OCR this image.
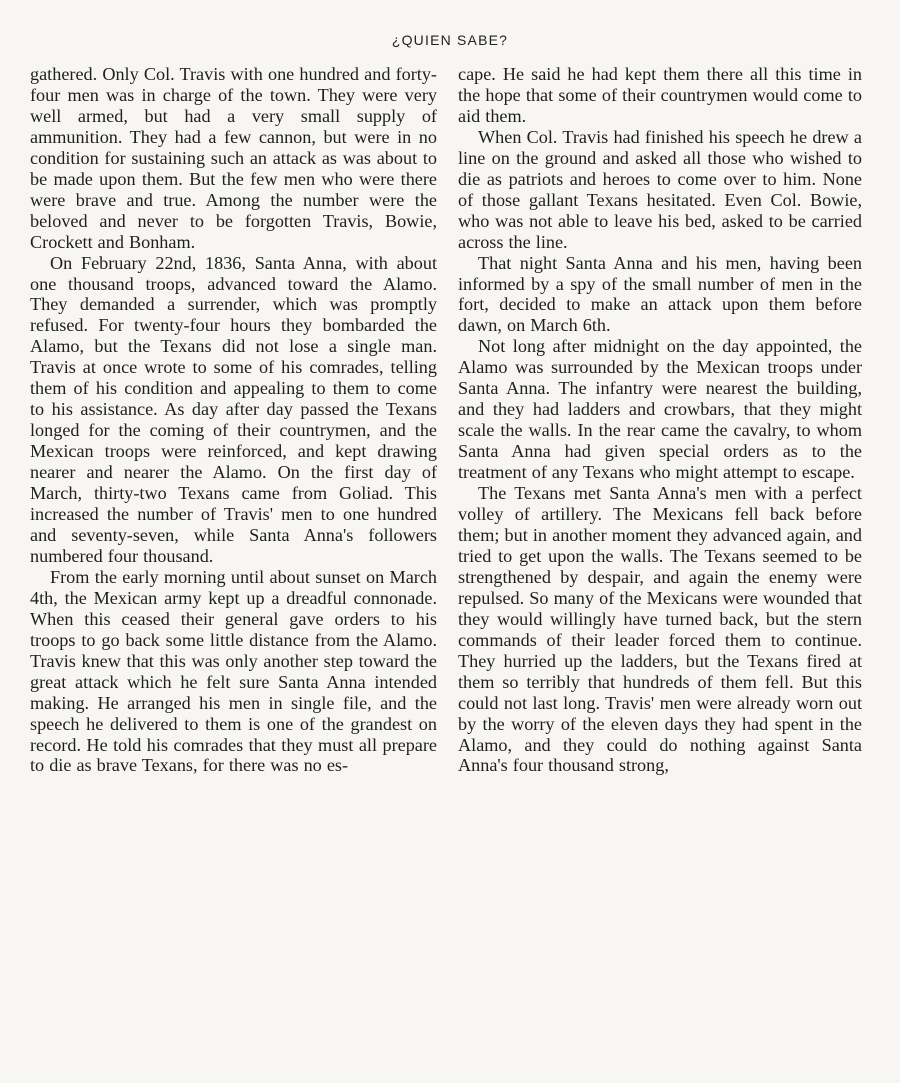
¿QUIEN SABE?

gathered. Only Col. Travis with one hundred and forty-four men was in charge of the town. They were very well armed, but had a very small supply of ammunition. They had a few cannon, but were in no condition for sustaining such an attack as was about to be made upon them. But the few men who were there were brave and true. Among the number were the beloved and never to be forgotten Travis, Bowie, Crockett and Bonham.

On February 22nd, 1836, Santa Anna, with about one thousand troops, advanced toward the Alamo. They demanded a surrender, which was promptly refused. For twenty-four hours they bombarded the Alamo, but the Texans did not lose a single man. Travis at once wrote to some of his comrades, telling them of his condition and appealing to them to come to his assistance. As day after day passed the Texans longed for the coming of their countrymen, and the Mexican troops were reinforced, and kept drawing nearer and nearer the Alamo. On the first day of March, thirty-two Texans came from Goliad. This increased the number of Travis' men to one hundred and seventy-seven, while Santa Anna's followers numbered four thousand.

From the early morning until about sunset on March 4th, the Mexican army kept up a dreadful connonade. When this ceased their general gave orders to his troops to go back some little distance from the Alamo. Travis knew that this was only another step toward the great attack which he felt sure Santa Anna intended making. He arranged his men in single file, and the speech he delivered to them is one of the grandest on record. He told his comrades that they must all prepare to die as brave Texans, for there was no es-

cape. He said he had kept them there all this time in the hope that some of their countrymen would come to aid them.

When Col. Travis had finished his speech he drew a line on the ground and asked all those who wished to die as patriots and heroes to come over to him. None of those gallant Texans hesitated. Even Col. Bowie, who was not able to leave his bed, asked to be carried across the line.

That night Santa Anna and his men, having been informed by a spy of the small number of men in the fort, decided to make an attack upon them before dawn, on March 6th.

Not long after midnight on the day appointed, the Alamo was surrounded by the Mexican troops under Santa Anna. The infantry were nearest the building, and they had ladders and crowbars, that they might scale the walls. In the rear came the cavalry, to whom Santa Anna had given special orders as to the treatment of any Texans who might attempt to escape.

The Texans met Santa Anna's men with a perfect volley of artillery. The Mexicans fell back before them; but in another moment they advanced again, and tried to get upon the walls. The Texans seemed to be strengthened by despair, and again the enemy were repulsed. So many of the Mexicans were wounded that they would willingly have turned back, but the stern commands of their leader forced them to continue. They hurried up the ladders, but the Texans fired at them so terribly that hundreds of them fell. But this could not last long. Travis' men were already worn out by the worry of the eleven days they had spent in the Alamo, and they could do nothing against Santa Anna's four thousand strong,
